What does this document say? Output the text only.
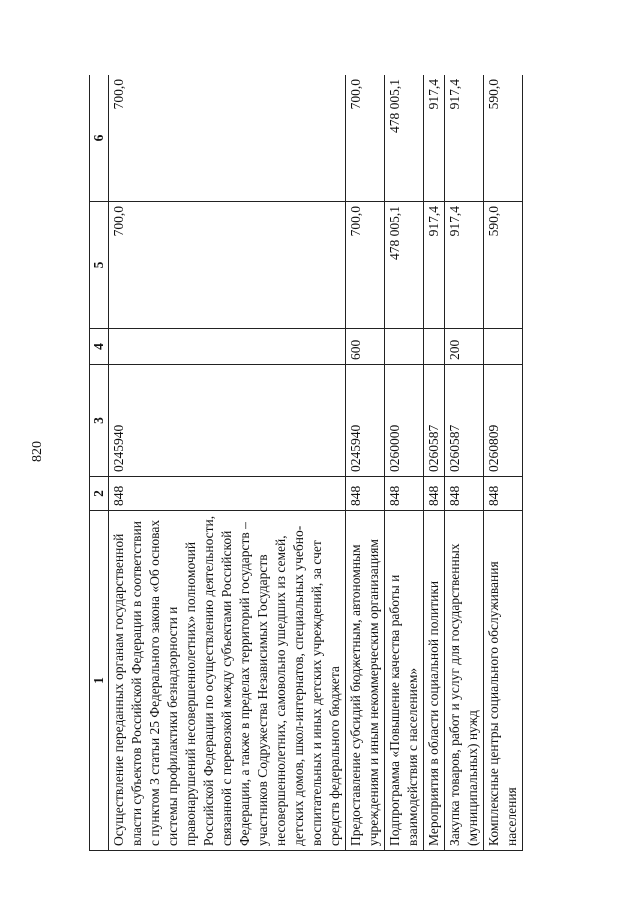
820
1	2	3	4	5	6
Осуществление переданных органам государственной власти субъектов Российской Федерации в соответствии с пунктом 3 статьи 25 Федерального закона «Об основах системы профилактики безнадзорности и правонарушений несовершеннолетних» полномочий Российской Федерации по осуществлению деятельности, связанной с перевозкой между субъектами Российской Федерации, а также в пределах территорий государств – участников Содружества Независимых Государств несовершеннолетних, самовольно ушедших из семей, детских домов, школ-интернатов, специальных учебно-воспитательных и иных детских учреждений, за счет средств федерального бюджета	848	0245940		700,0	700,0
Предоставление субсидий бюджетным, автономным учреждениям и иным некоммерческим организациям	848	0245940	600	700,0	700,0
Подпрограмма «Повышение качества работы и взаимодействия с населением»	848	0260000		478 005,1	478 005,1
Мероприятия в области социальной политики	848	0260587		917,4	917,4
Закупка товаров, работ и услуг для государственных (муниципальных) нужд	848	0260587	200	917,4	917,4
Комплексные центры социального обслуживания населения	848	0260809		590,0	590,0
